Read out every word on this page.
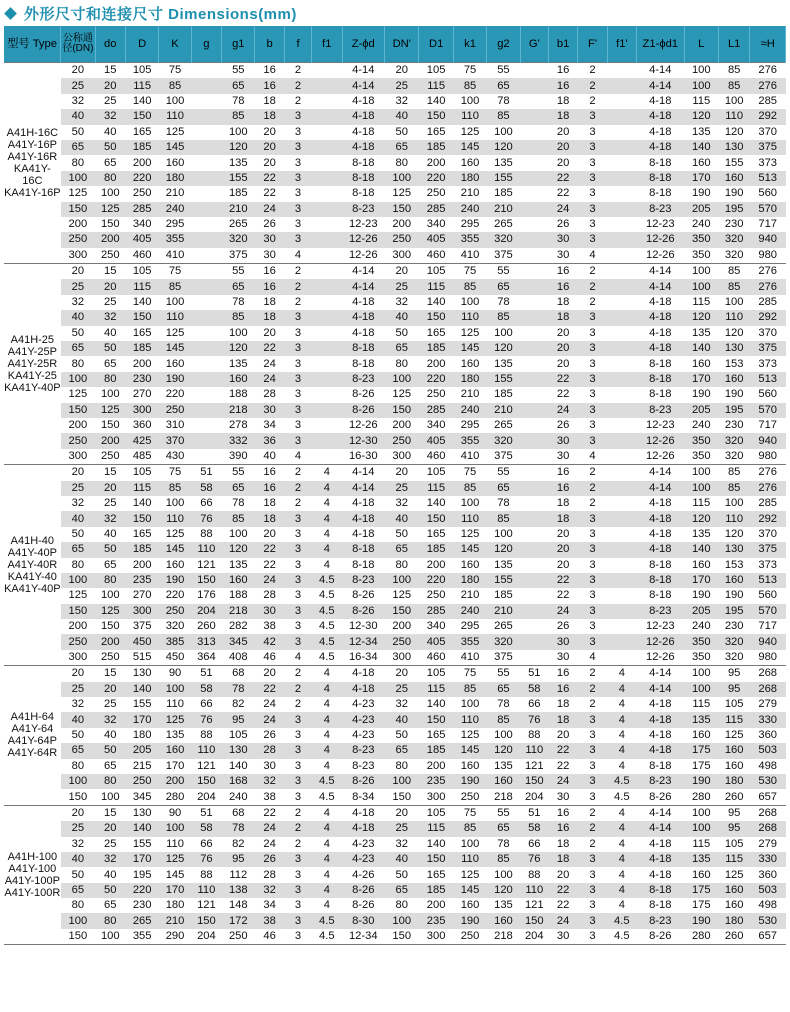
外形尺寸和连接尺寸 Dimensions(mm)
型号 Type	公称通径(DN)	do	D	K	g	g1	b	f	f1	Z-ϕd	DN'	D1	k1	g2	G'	b1	F'	f1'	Z1-ϕd1	L	L1	≈H

A41H-16C
A41Y-16P
A41Y-16R
KA41Y-16C
KA41Y-16P	20	15	105	75		55	16	2		4-14	20	105	75	55		16	2		4-14	100	85	276
	25	20	115	85		65	16	2		4-14	25	115	85	65		16	2		4-14	100	85	276
	32	25	140	100		78	18	2		4-18	32	140	100	78		18	2		4-18	115	100	285
	40	32	150	110		85	18	3		4-18	40	150	110	85		18	3		4-18	120	110	292
	50	40	165	125		100	20	3		4-18	50	165	125	100		20	3		4-18	135	120	370
	65	50	185	145		120	20	3		4-18	65	185	145	120		20	3		4-18	140	130	375
	80	65	200	160		135	20	3		8-18	80	200	160	135		20	3		8-18	160	155	373
	100	80	220	180		155	22	3		8-18	100	220	180	155		22	3		8-18	170	160	513
	125	100	250	210		185	22	3		8-18	125	250	210	185		22	3		8-18	190	190	560
	150	125	285	240		210	24	3		8-23	150	285	240	210		24	3		8-23	205	195	570
	200	150	340	295		265	26	3		12-23	200	340	295	265		26	3		12-23	240	230	717
	250	200	405	355		320	30	3		12-26	250	405	355	320		30	3		12-26	350	320	940
	300	250	460	410		375	30	4		12-26	300	460	410	375		30	4		12-26	350	320	980

A41H-25
A41Y-25P
A41Y-25R
KA41Y-25
KA41Y-40P	20	15	105	75		55	16	2		4-14	20	105	75	55		16	2		4-14	100	85	276
	25	20	115	85		65	16	2		4-14	25	115	85	65		16	2		4-14	100	85	276
	32	25	140	100		78	18	2		4-18	32	140	100	78		18	2		4-18	115	100	285
	40	32	150	110		85	18	3		4-18	40	150	110	85		18	3		4-18	120	110	292
	50	40	165	125		100	20	3		4-18	50	165	125	100		20	3		4-18	135	120	370
	65	50	185	145		120	22	3		8-18	65	185	145	120		20	3		4-18	140	130	375
	80	65	200	160		135	24	3		8-18	80	200	160	135		20	3		8-18	160	153	373
	100	80	230	190		160	24	3		8-23	100	220	180	155		22	3		8-18	170	160	513
	125	100	270	220		188	28	3		8-26	125	250	210	185		22	3		8-18	190	190	560
	150	125	300	250		218	30	3		8-26	150	285	240	210		24	3		8-23	205	195	570
	200	150	360	310		278	34	3		12-26	200	340	295	265		26	3		12-23	240	230	717
	250	200	425	370		332	36	3		12-30	250	405	355	320		30	3		12-26	350	320	940
	300	250	485	430		390	40	4		16-30	300	460	410	375		30	4		12-26	350	320	980

A41H-40
A41Y-40P
A41Y-40R
KA41Y-40
KA41Y-40P	20	15	105	75	51	55	16	2	4	4-14	20	105	75	55		16	2		4-14	100	85	276
	25	20	115	85	58	65	16	2	4	4-14	25	115	85	65		16	2		4-14	100	85	276
	32	25	140	100	66	78	18	2	4	4-18	32	140	100	78		18	2		4-18	115	100	285
	40	32	150	110	76	85	18	3	4	4-18	40	150	110	85		18	3		4-18	120	110	292
	50	40	165	125	88	100	20	3	4	4-18	50	165	125	100		20	3		4-18	135	120	370
	65	50	185	145	110	120	22	3	4	8-18	65	185	145	120		20	3		4-18	140	130	375
	80	65	200	160	121	135	22	3	4	8-18	80	200	160	135		20	3		8-18	160	153	373
	100	80	235	190	150	160	24	3	4.5	8-23	100	220	180	155		22	3		8-18	170	160	513
	125	100	270	220	176	188	28	3	4.5	8-26	125	250	210	185		22	3		8-18	190	190	560
	150	125	300	250	204	218	30	3	4.5	8-26	150	285	240	210		24	3		8-23	205	195	570
	200	150	375	320	260	282	38	3	4.5	12-30	200	340	295	265		26	3		12-23	240	230	717
	250	200	450	385	313	345	42	3	4.5	12-34	250	405	355	320		30	3		12-26	350	320	940
	300	250	515	450	364	408	46	4	4.5	16-34	300	460	410	375		30	4		12-26	350	320	980

A41H-64
A41Y-64
A41Y-64P
A41Y-64R	20	15	130	90	51	68	20	2	4	4-18	20	105	75	55	51	16	2	4	4-14	100	95	268
	25	20	140	100	58	78	22	2	4	4-18	25	115	85	65	58	16	2	4	4-14	100	95	268
	32	25	155	110	66	82	24	2	4	4-23	32	140	100	78	66	18	2	4	4-18	115	105	279
	40	32	170	125	76	95	24	3	4	4-23	40	150	110	85	76	18	3	4	4-18	135	115	330
	50	40	180	135	88	105	26	3	4	4-23	50	165	125	100	88	20	3	4	4-18	160	125	360
	65	50	205	160	110	130	28	3	4	8-23	65	185	145	120	110	22	3	4	4-18	175	160	503
	80	65	215	170	121	140	30	3	4	8-23	80	200	160	135	121	22	3	4	8-18	175	160	498
	100	80	250	200	150	168	32	3	4.5	8-26	100	235	190	160	150	24	3	4.5	8-23	190	180	530
	150	100	345	280	204	240	38	3	4.5	8-34	150	300	250	218	204	30	3	4.5	8-26	280	260	657

A41H-100
A41Y-100
A41Y-100P
A41Y-100R	20	15	130	90	51	68	22	2	4	4-18	20	105	75	55	51	16	2	4	4-14	100	95	268
	25	20	140	100	58	78	24	2	4	4-18	25	115	85	65	58	16	2	4	4-14	100	95	268
	32	25	155	110	66	82	24	2	4	4-23	32	140	100	78	66	18	2	4	4-18	115	105	279
	40	32	170	125	76	95	26	3	4	4-23	40	150	110	85	76	18	3	4	4-18	135	115	330
	50	40	195	145	88	112	28	3	4	4-26	50	165	125	100	88	20	3	4	4-18	160	125	360
	65	50	220	170	110	138	32	3	4	8-26	65	185	145	120	110	22	3	4	8-18	175	160	503
	80	65	230	180	121	148	34	3	4	8-26	80	200	160	135	121	22	3	4	8-18	175	160	498
	100	80	265	210	150	172	38	3	4.5	8-30	100	235	190	160	150	24	3	4.5	8-23	190	180	530
	150	100	355	290	204	250	46	3	4.5	12-34	150	300	250	218	204	30	3	4.5	8-26	280	260	657
